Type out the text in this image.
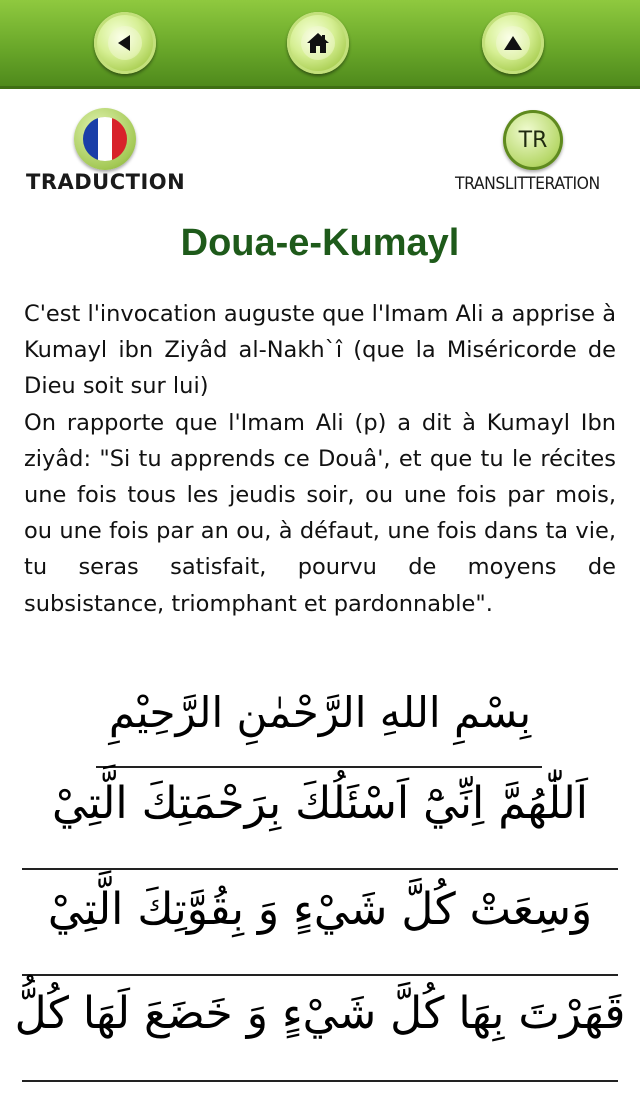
TRADUCTION
TR
TRANSLITTERATION
Doua-e-Kumayl

C'est l'invocation auguste que l'Imam Ali a apprise à Kumayl ibn Ziyâd al-Nakh`î (que la Miséricorde de Dieu soit sur lui)

On rapporte que l'Imam Ali (p) a dit à Kumayl Ibn ziyâd: "Si tu apprends ce Douâ', et que tu le récites une fois tous les jeudis soir, ou une fois par mois, ou une fois par an ou, à défaut, une fois dans ta vie, tu seras satisfait, pourvu de moyens de subsistance, triomphant et pardonnable".

بِسْمِ اللهِ الرَّحْمٰنِ الرَّحِيْمِ
اَللّٰهُمَّ اِنِّيْٓ اَسْئَلُكَ بِرَحْمَتِكَ الَّتِيْ
وَسِعَتْ كُلَّ شَيْءٍ وَ بِقُوَّتِكَ الَّتِيْ
قَهَرْتَ بِهَا كُلَّ شَيْءٍ وَ خَضَعَ لَهَا كُلُّ
